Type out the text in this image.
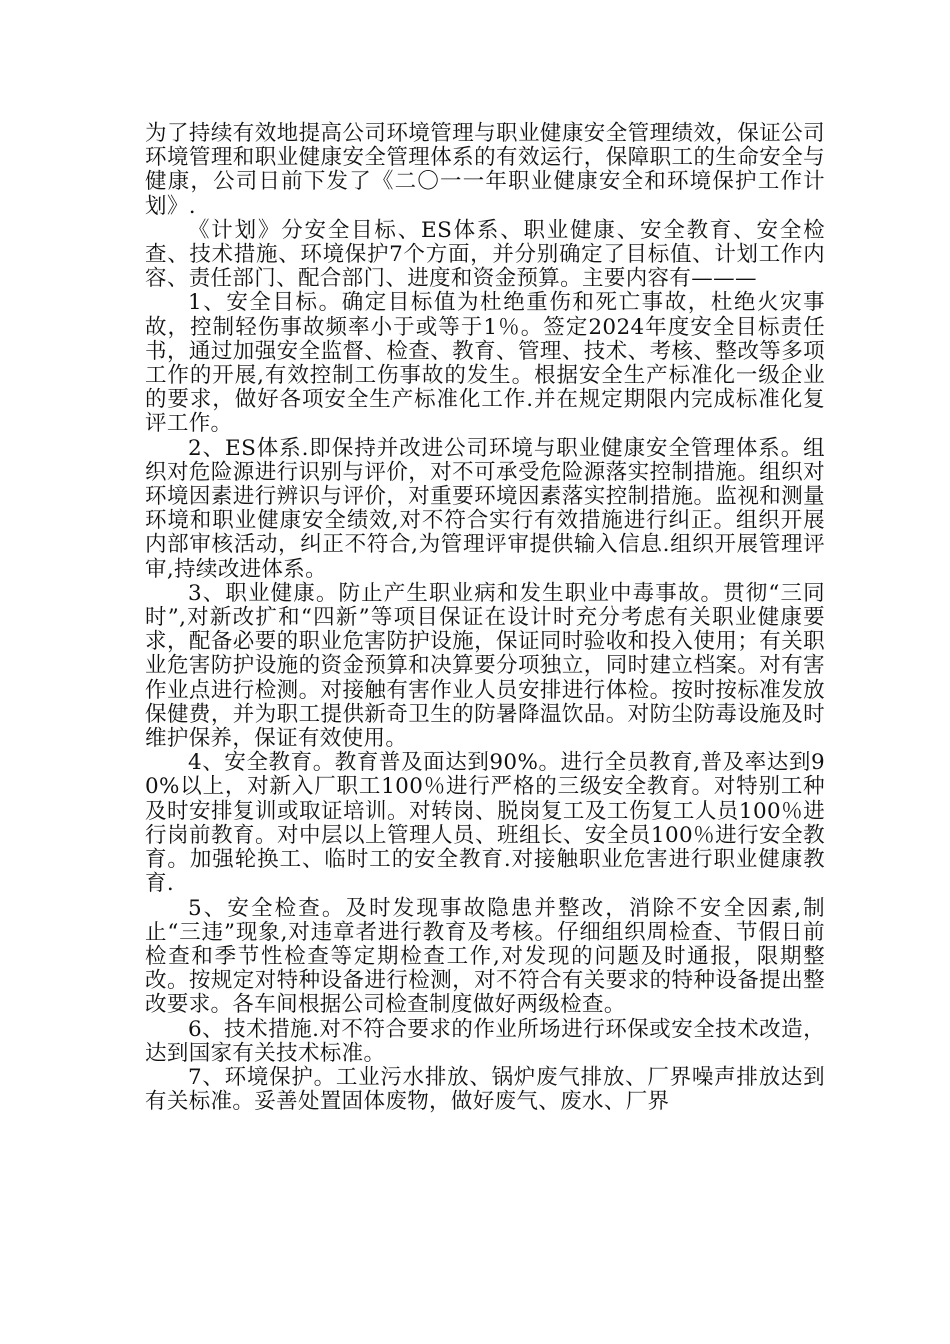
为了持续有效地提高公司环境管理与职业健康安全管理绩效，保证公司环境管理和职业健康安全管理体系的有效运行，保障职工的生命安全与健康，公司日前下发了《二〇一一年职业健康安全和环境保护工作计划》.

《计划》分安全目标、ES体系、职业健康、安全教育、安全检查、技术措施、环境保护7个方面，并分别确定了目标值、计划工作内容、责任部门、配合部门、进度和资金预算。主要内容有———

1、安全目标。确定目标值为杜绝重伤和死亡事故，杜绝火灾事故，控制轻伤事故频率小于或等于1％。签定2024年度安全目标责任书，通过加强安全监督、检查、教育、管理、技术、考核、整改等多项工作的开展,有效控制工伤事故的发生。根据安全生产标准化一级企业的要求，做好各项安全生产标准化工作.并在规定期限内完成标准化复评工作。

2、ES体系.即保持并改进公司环境与职业健康安全管理体系。组织对危险源进行识别与评价，对不可承受危险源落实控制措施。组织对环境因素进行辨识与评价，对重要环境因素落实控制措施。监视和测量环境和职业健康安全绩效,对不符合实行有效措施进行纠正。组织开展内部审核活动，纠正不符合,为管理评审提供输入信息.组织开展管理评审,持续改进体系。

3、职业健康。防止产生职业病和发生职业中毒事故。贯彻“三同时”,对新改扩和“四新”等项目保证在设计时充分考虑有关职业健康要求，配备必要的职业危害防护设施，保证同时验收和投入使用；有关职业危害防护设施的资金预算和决算要分项独立，同时建立档案。对有害作业点进行检测。对接触有害作业人员安排进行体检。按时按标准发放保健费，并为职工提供新奇卫生的防暑降温饮品。对防尘防毒设施及时维护保养，保证有效使用。

4、安全教育。教育普及面达到90%。进行全员教育,普及率达到90%以上，对新入厂职工100％进行严格的三级安全教育。对特别工种及时安排复训或取证培训。对转岗、脱岗复工及工伤复工人员100％进行岗前教育。对中层以上管理人员、班组长、安全员100％进行安全教育。加强轮换工、临时工的安全教育.对接触职业危害进行职业健康教育.

5、安全检查。及时发现事故隐患并整改，消除不安全因素,制止“三违”现象,对违章者进行教育及考核。仔细组织周检查、节假日前检查和季节性检查等定期检查工作,对发现的问题及时通报，限期整改。按规定对特种设备进行检测，对不符合有关要求的特种设备提出整改要求。各车间根据公司检查制度做好两级检查。

6、技术措施.对不符合要求的作业所场进行环保或安全技术改造，达到国家有关技术标准。

7、环境保护。工业污水排放、锅炉废气排放、厂界噪声排放达到有关标准。妥善处置固体废物，做好废气、废水、厂界
